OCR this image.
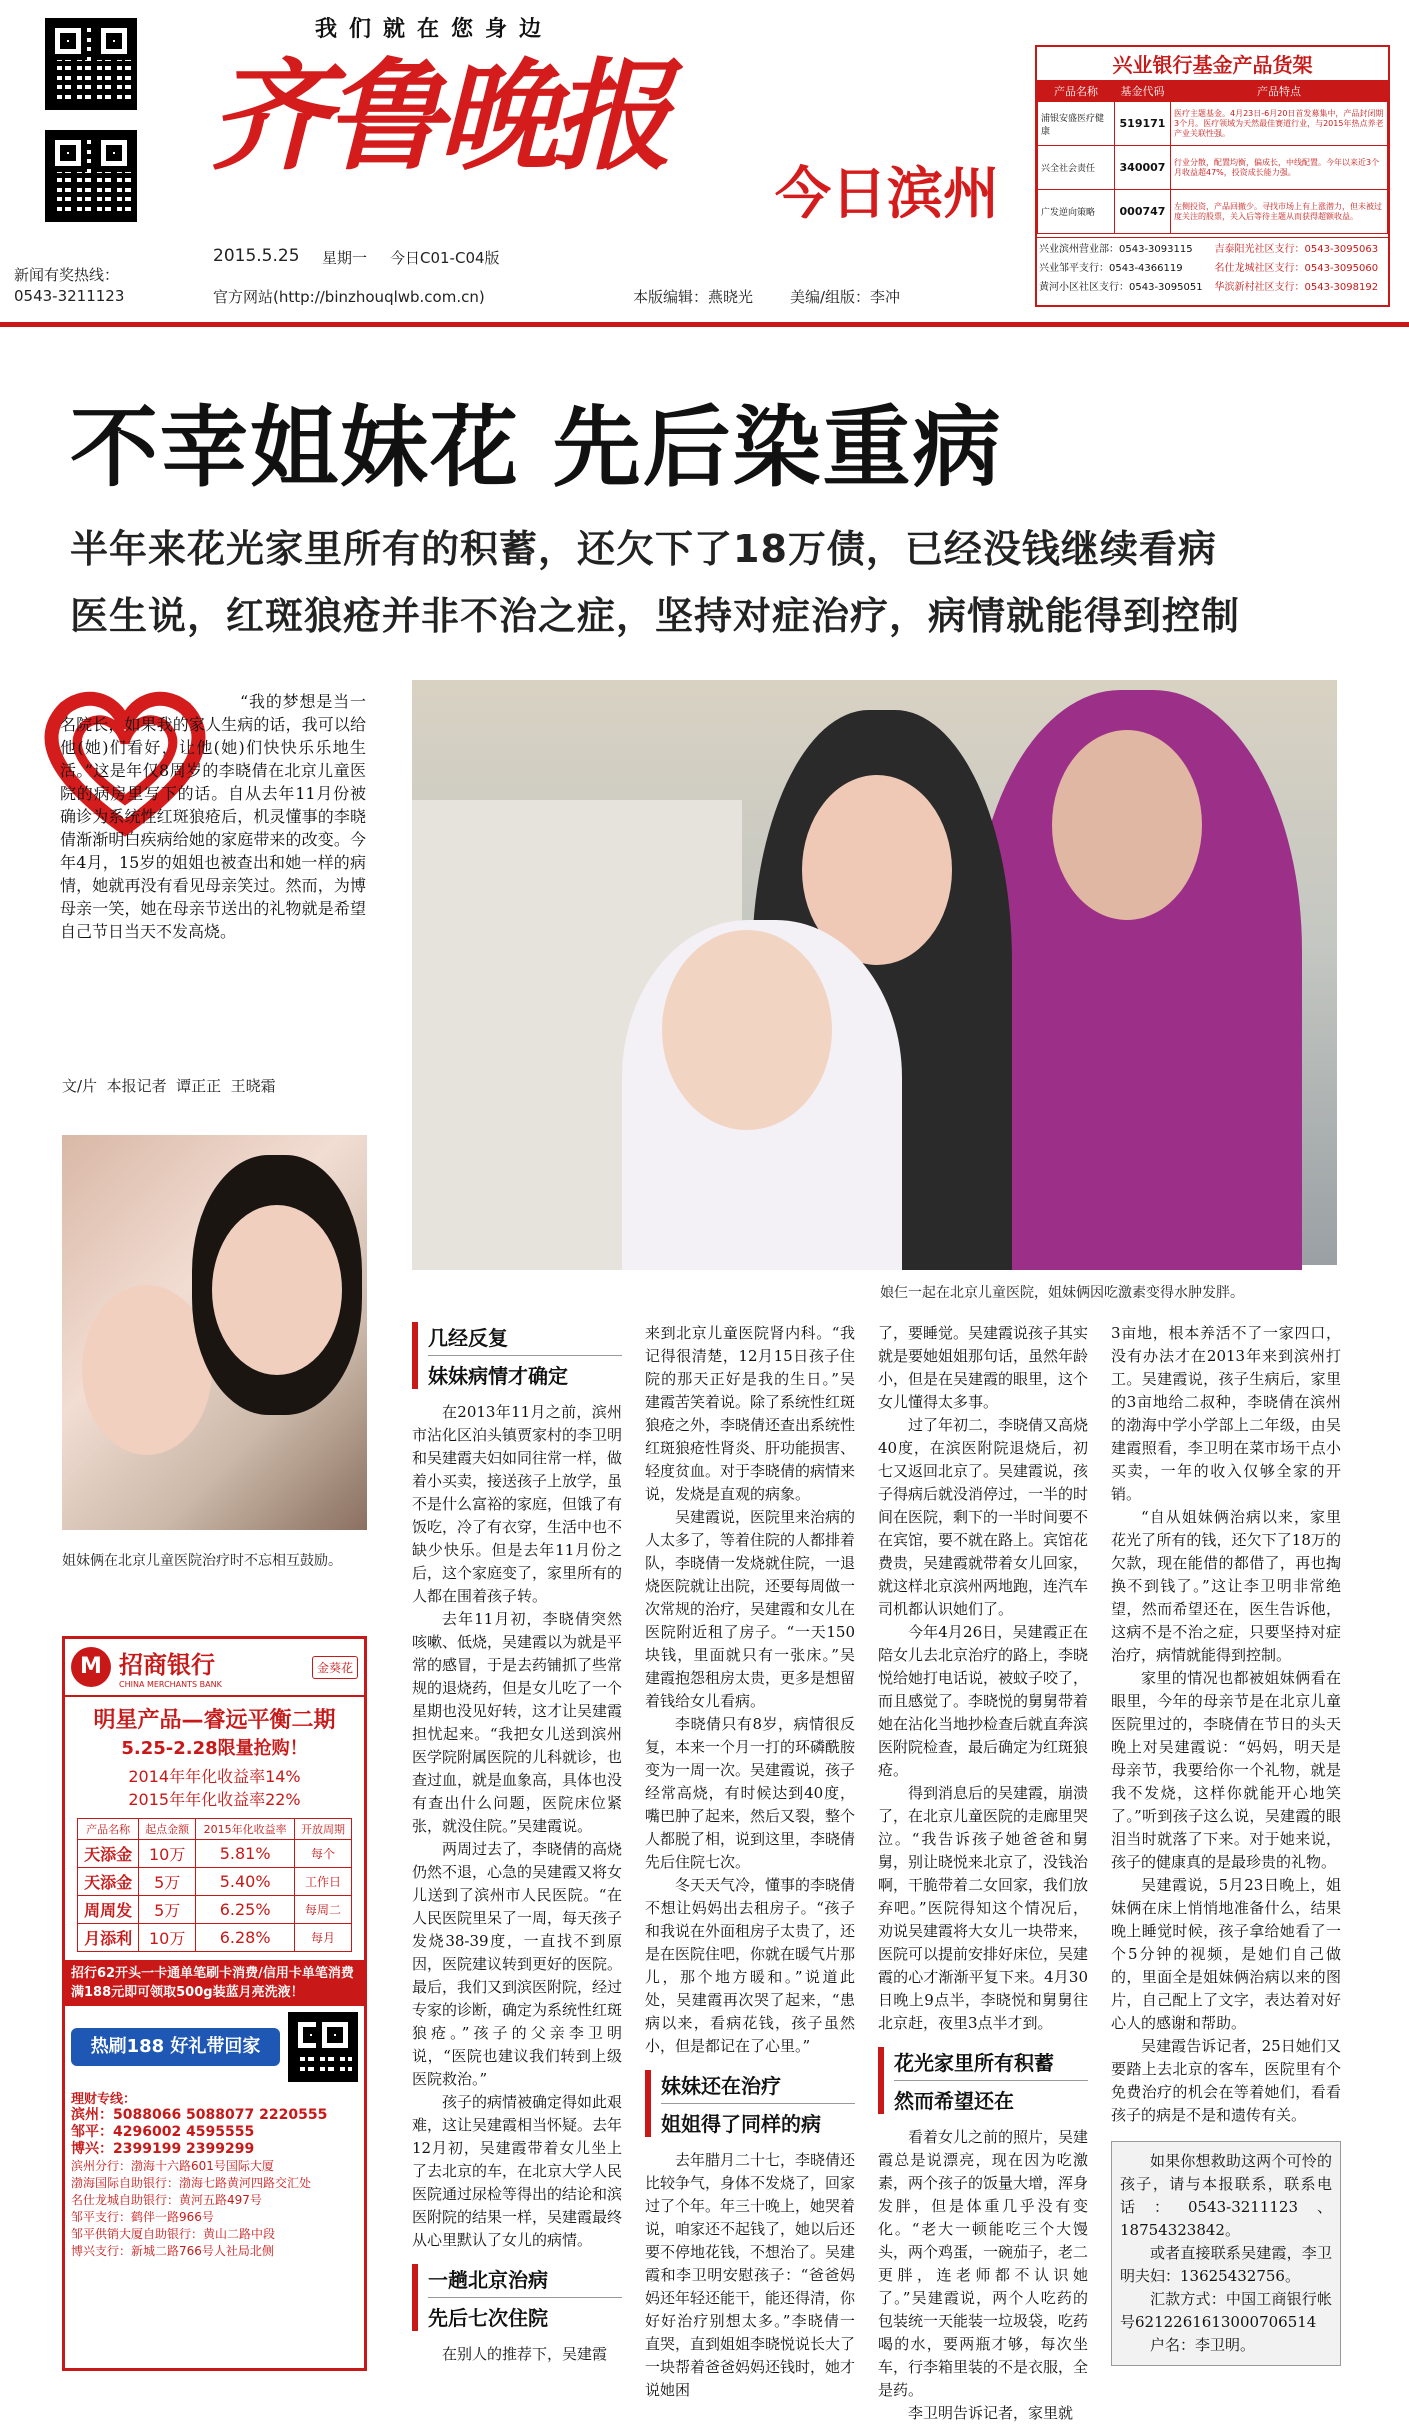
新闻有奖热线：
0543-3211123
我们就在您身边
齐鲁晚报
今日滨州
2015.5.25 星期一 今日C01-C04版
官方网站(http://binzhouqlwb.com.cn)	本版编辑：燕晓光 美编/组版：李冲
兴业银行基金产品货架
产品名称	基金代码	产品特点
浦银安盛医疗健康	519171	医疗主题基金。4月23日-6月20日首发募集中，产品封闭期3个月。医疗领域为天然最佳赛道行业，与2015年热点养老产业关联性强。
兴全社会责任	340007	行业分散，配置均衡，偏成长，中线配置。今年以来近3个月收益超47%，投资成长能力强。
广发逆向策略	000747	左侧投资，产品回撤少。寻找市场上有上涨潜力，但未被过度关注的股票，关入后等待主题从而获得超额收益。
兴业滨州营业部：0543-3093115	吉泰阳光社区支行：0543-3095063
兴业邹平支行：0543-4366119	名仕龙城社区支行：0543-3095060
黄河小区社区支行：0543-3095051	华滨新村社区支行：0543-3098192
不幸姐妹花 先后染重病
半年来花光家里所有的积蓄，还欠下了18万债，已经没钱继续看病
医生说，红斑狼疮并非不治之症，坚持对症治疗，病情就能得到控制
“我的梦想是当一名院长，如果我的家人生病的话，我可以给他(她)们看好，让他(她)们快快乐乐地生活。”这是年仅8周岁的李晓倩在北京儿童医院的病房里写下的话。自从去年11月份被确诊为系统性红斑狼疮后，机灵懂事的李晓倩渐渐明白疾病给她的家庭带来的改变。今年4月，15岁的姐姐也被查出和她一样的病情，她就再没有看见母亲笑过。然而，为博母亲一笑，她在母亲节送出的礼物就是希望自己节日当天不发高烧。
文/片  本报记者  谭正正  王晓霜
姐妹俩在北京儿童医院治疗时不忘相互鼓励。
娘仨一起在北京儿童医院，姐妹俩因吃激素变得水肿发胖。
几经反复
妹妹病情才确定

在2013年11月之前，滨州市沾化区泊头镇贾家村的李卫明和吴建霞夫妇如同往常一样，做着小买卖，接送孩子上放学，虽不是什么富裕的家庭，但饿了有饭吃，冷了有衣穿，生活中也不缺少快乐。但是去年11月份之后，这个家庭变了，家里所有的人都在围着孩子转。

去年11月初，李晓倩突然咳嗽、低烧，吴建霞以为就是平常的感冒，于是去药铺抓了些常规的退烧药，但是女儿吃了一个星期也没见好转，这才让吴建霞担忧起来。“我把女儿送到滨州医学院附属医院的儿科就诊，也查过血，就是血象高，具体也没有查出什么问题，医院床位紧张，就没住院。”吴建霞说。

两周过去了，李晓倩的高烧仍然不退，心急的吴建霞又将女儿送到了滨州市人民医院。“在人民医院里呆了一周，每天孩子发烧38-39度，一直找不到原因，医院建议转到更好的医院。最后，我们又到滨医附院，经过专家的诊断，确定为系统性红斑狼疮。”孩子的父亲李卫明说，“医院也建议我们转到上级医院救治。”

孩子的病情被确定得如此艰难，这让吴建霞相当怀疑。去年12月初，吴建霞带着女儿坐上了去北京的车，在北京大学人民医院通过尿检等得出的结论和滨医附院的结果一样，吴建霞最终从心里默认了女儿的病情。

一趟北京治病
先后七次住院

在别人的推荐下，吴建霞

来到北京儿童医院肾内科。“我记得很清楚，12月15日孩子住院的那天正好是我的生日。”吴建霞苦笑着说。除了系统性红斑狼疮之外，李晓倩还查出系统性红斑狼疮性肾炎、肝功能损害、轻度贫血。对于李晓倩的病情来说，发烧是直观的病象。

吴建霞说，医院里来治病的人太多了，等着住院的人都排着队，李晓倩一发烧就住院，一退烧医院就让出院，还要每周做一次常规的治疗，吴建霞和女儿在医院附近租了房子。“一天150块钱，里面就只有一张床。”吴建霞抱怨租房太贵，更多是想留着钱给女儿看病。

李晓倩只有8岁，病情很反复，本来一个月一打的环磷酰胺变为一周一次。吴建霞说，孩子经常高烧，有时候达到40度，嘴巴肿了起来，然后又裂，整个人都脱了相，说到这里，李晓倩先后住院七次。

冬天天气冷，懂事的李晓倩不想让妈妈出去租房子。“孩子和我说在外面租房子太贵了，还是在医院住吧，你就在暖气片那儿，那个地方暖和。”说道此处，吴建霞再次哭了起来，“患病以来，看病花钱，孩子虽然小，但是都记在了心里。”

妹妹还在治疗
姐姐得了同样的病

去年腊月二十七，李晓倩还比较争气，身体不发烧了，回家过了个年。年三十晚上，她哭着说，咱家还不起钱了，她以后还要不停地花钱，不想治了。吴建霞和李卫明安慰孩子：“爸爸妈妈还年轻还能干，能还得清，你好好治疗别想太多。”李晓倩一直哭，直到姐姐李晓悦说长大了一块帮着爸爸妈妈还钱时，她才说她困

了，要睡觉。吴建霞说孩子其实就是要她姐姐那句话，虽然年龄小，但是在吴建霞的眼里，这个女儿懂得太多事。

过了年初二，李晓倩又高烧40度，在滨医附院退烧后，初七又返回北京了。吴建霞说，孩子得病后就没消停过，一半的时间在医院，剩下的一半时间要不在宾馆，要不就在路上。宾馆花费贵，吴建霞就带着女儿回家，就这样北京滨州两地跑，连汽车司机都认识她们了。

今年4月26日，吴建霞正在陪女儿去北京治疗的路上，李晓悦给她打电话说，被蚊子咬了，而且感觉了。李晓悦的舅舅带着她在沾化当地抄检查后就直奔滨医附院检查，最后确定为红斑狼疮。

得到消息后的吴建霞，崩溃了，在北京儿童医院的走廊里哭泣。“我告诉孩子她爸爸和舅舅，别让晓悦来北京了，没钱治啊，干脆带着二女回家，我们放弃吧。”医院得知这个情况后，劝说吴建霞将大女儿一块带来，医院可以提前安排好床位，吴建霞的心才渐渐平复下来。4月30日晚上9点半，李晓悦和舅舅往北京赶，夜里3点半才到。

花光家里所有积蓄
然而希望还在

看着女儿之前的照片，吴建霞总是说漂亮，现在因为吃激素，两个孩子的饭量大增，浑身发胖，但是体重几乎没有变化。“老大一顿能吃三个大馒头，两个鸡蛋，一碗茄子，老二更胖，连老师都不认识她了。”吴建霞说，两个人吃药的包装统一天能装一垃圾袋，吃药喝的水，要两瓶才够，每次坐车，行李箱里装的不是衣服，全是药。

李卫明告诉记者，家里就

3亩地，根本养活不了一家四口，没有办法才在2013年来到滨州打工。吴建霞说，孩子生病后，家里的3亩地给二叔种，李晓倩在滨州的渤海中学小学部上二年级，由吴建霞照看，李卫明在菜市场干点小买卖，一年的收入仅够全家的开销。

“自从姐妹俩治病以来，家里花光了所有的钱，还欠下了18万的欠款，现在能借的都借了，再也掏换不到钱了。”这让李卫明非常绝望，然而希望还在，医生告诉他，这病不是不治之症，只要坚持对症治疗，病情就能得到控制。

家里的情况也都被姐妹俩看在眼里，今年的母亲节是在北京儿童医院里过的，李晓倩在节日的头天晚上对吴建霞说：“妈妈，明天是母亲节，我要给你一个礼物，就是我不发烧，这样你就能开心地笑了。”听到孩子这么说，吴建霞的眼泪当时就落了下来。对于她来说，孩子的健康真的是最珍贵的礼物。

吴建霞说，5月23日晚上，姐妹俩在床上悄悄地准备什么，结果晚上睡觉时候，孩子拿给她看了一个5分钟的视频，是她们自己做的，里面全是姐妹俩治病以来的图片，自己配上了文字，表达着对好心人的感谢和帮助。

吴建霞告诉记者，25日她们又要踏上去北京的客车，医院里有个免费治疗的机会在等着她们，看看孩子的病是不是和遗传有关。

如果你想救助这两个可怜的孩子，请与本报联系，联系电话：0543-3211123、18754323842。

或者直接联系吴建霞，李卫明夫妇：13625432756。

汇款方式：中国工商银行帐号6212261613000706514

户名：李卫明。

M 招商银行
CHINA MERCHANTS BANK
金葵花
明星产品—睿远平衡二期
5.25-2.28限量抢购！
2014年年化收益率14%
2015年年化收益率22%
产品名称	起点金额	2015年化收益率	开放周期
天添金	10万	5.81%	每个
天添金	5万	5.40%	工作日
周周发	5万	6.25%	每周二
月添利	10万	6.28%	每月
招行62开头一卡通单笔刷卡消费/信用卡单笔消费满188元即可领取500g装蓝月亮洗液！
热刷188 好礼带回家
理财专线：
滨州：5088066 5088077 2220555
邹平：4296002 4595555
博兴：2399199 2399299
滨州分行：渤海十六路601号国际大厦
渤海国际自助银行：渤海七路黄河四路交汇处
名仕龙城自助银行：黄河五路497号
邹平支行：鹤伴一路966号
邹平供销大厦自助银行：黄山二路中段
博兴支行：新城二路766号人社局北侧
